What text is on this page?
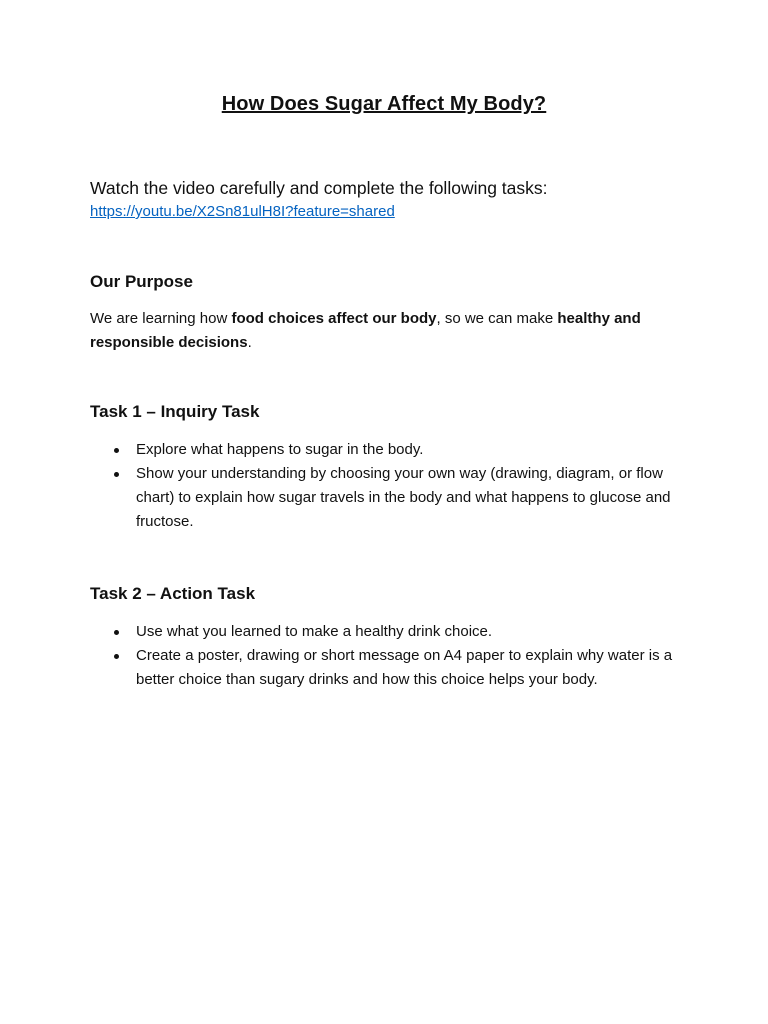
How Does Sugar Affect My Body?
Watch the video carefully and complete the following tasks:
https://youtu.be/X2Sn81ulH8I?feature=shared
Our Purpose
We are learning how food choices affect our body, so we can make healthy and responsible decisions.
Task 1 – Inquiry Task
Explore what happens to sugar in the body.
Show your understanding by choosing your own way (drawing, diagram, or flow chart) to explain how sugar travels in the body and what happens to glucose and fructose.
Task 2 – Action Task
Use what you learned to make a healthy drink choice.
Create a poster, drawing or short message on A4 paper to explain why water is a better choice than sugary drinks and how this choice helps your body.
